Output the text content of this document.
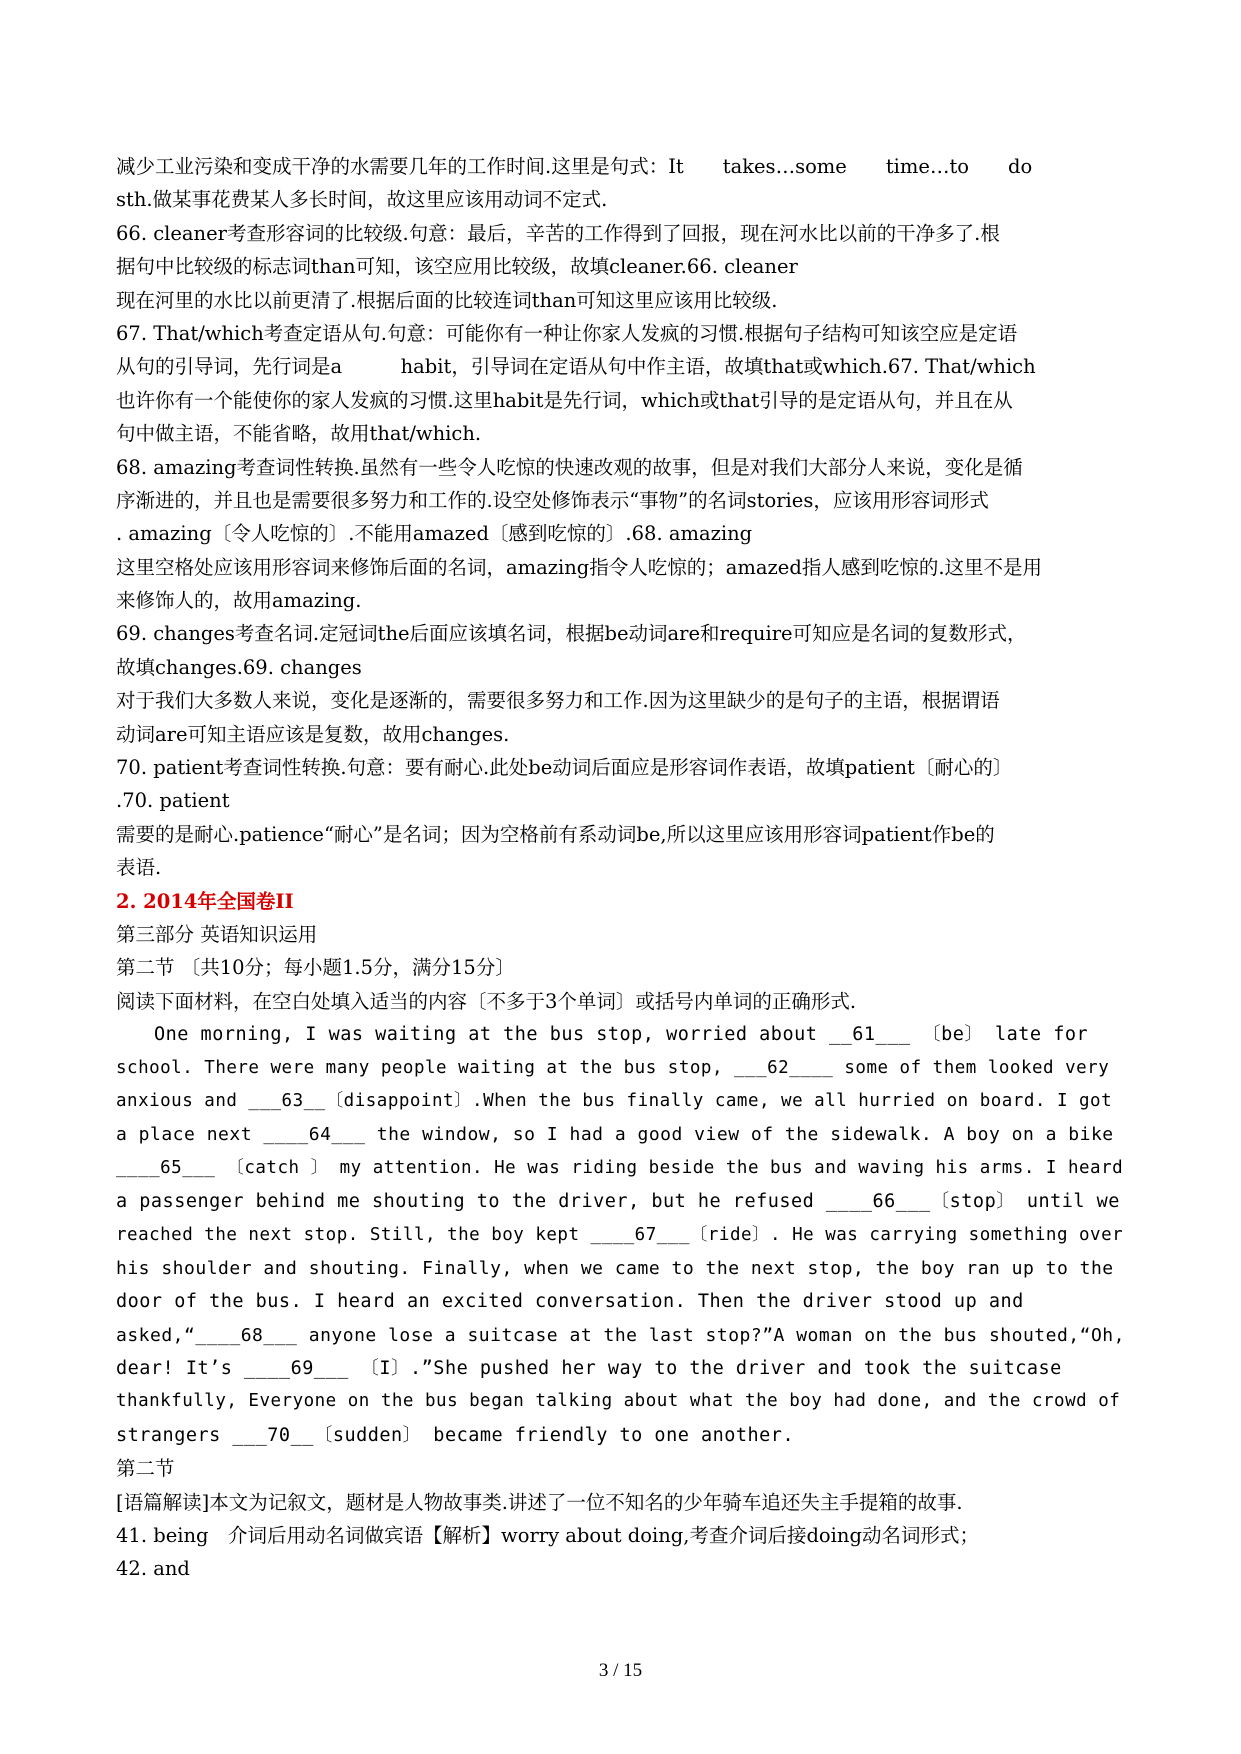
减少工业污染和变成干净的水需要几年的工作时间.这里是句式：It　　takes…some　　time…to　　do
sth.做某事花费某人多长时间，故这里应该用动词不定式.
66. cleaner考查形容词的比较级.句意：最后，辛苦的工作得到了回报，现在河水比以前的干净多了.根
据句中比较级的标志词than可知，该空应用比较级，故填cleaner.66. cleaner
现在河里的水比以前更清了.根据后面的比较连词than可知这里应该用比较级.
67. That/which考查定语从句.句意：可能你有一种让你家人发疯的习惯.根据句子结构可知该空应是定语
从句的引导词，先行词是a　　　habit，引导词在定语从句中作主语，故填that或which.67. That/which
也许你有一个能使你的家人发疯的习惯.这里habit是先行词，which或that引导的是定语从句，并且在从
句中做主语，不能省略，故用that/which.
68. amazing考查词性转换.虽然有一些令人吃惊的快速改观的故事，但是对我们大部分人来说，变化是循
序渐进的，并且也是需要很多努力和工作的.设空处修饰表示“事物”的名词stories，应该用形容词形式
. amazing〔令人吃惊的〕.不能用amazed〔感到吃惊的〕.68. amazing
这里空格处应该用形容词来修饰后面的名词，amazing指令人吃惊的；amazed指人感到吃惊的.这里不是用
来修饰人的，故用amazing.
69. changes考查名词.定冠词the后面应该填名词，根据be动词are和require可知应是名词的复数形式，
故填changes.69. changes
对于我们大多数人来说，变化是逐渐的，需要很多努力和工作.因为这里缺少的是句子的主语，根据谓语
动词are可知主语应该是复数，故用changes.
70. patient考查词性转换.句意：要有耐心.此处be动词后面应是形容词作表语，故填patient〔耐心的〕
.70. patient
需要的是耐心.patience“耐心”是名词；因为空格前有系动词be,所以这里应该用形容词patient作be的
表语.
2. 2014年全国卷II
第三部分 英语知识运用
第二节 〔共10分；每小题1.5分，满分15分〕
阅读下面材料，在空白处填入适当的内容〔不多于3个单词〕或括号内单词的正确形式.
One morning, I was waiting at the bus stop, worried about __61___ 〔be〕 late for
school. There were many people waiting at the bus stop, ___62____ some of them looked very
anxious and ___63__〔disappoint〕.When the bus finally came, we all hurried on board. I got
a place next ____64___ the window, so I had a good view of the sidewalk. A boy on a bike
____65___ 〔catch 〕 my attention. He was riding beside the bus and waving his arms. I heard
a passenger behind me shouting to the driver, but he refused ____66___〔stop〕 until we
reached the next stop. Still, the boy kept ____67___〔ride〕. He was carrying something over
his shoulder and shouting. Finally, when we came to the next stop, the boy ran up to the
door of the bus. I heard an excited conversation. Then the driver stood up and
asked,“____68___ anyone lose a suitcase at the last stop?”A woman on the bus shouted,“Oh,
dear! It’s ____69___ 〔I〕.”She pushed her way to the driver and took the suitcase
thankfully, Everyone on the bus began talking about what the boy had done, and the crowd of
strangers ___70__〔sudden〕 became friendly to one another.
第二节
[语篇解读]本文为记叙文，题材是人物故事类.讲述了一位不知名的少年骑车追还失主手提箱的故事.
41. being　介词后用动名词做宾语【解析】worry about doing,考查介词后接doing动名词形式；
42. and
3 / 15
